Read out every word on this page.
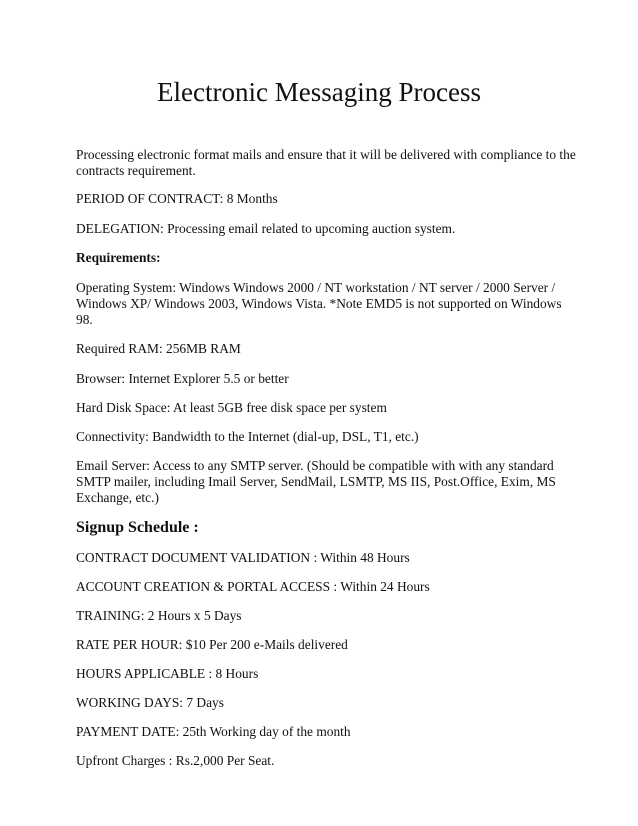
Electronic Messaging Process

Processing electronic format mails and ensure that it will be delivered with compliance to the contracts requirement.

PERIOD OF CONTRACT: 8 Months

DELEGATION: Processing email related to upcoming auction system.

Requirements:

Operating System: Windows Windows 2000 / NT workstation / NT server / 2000 Server / Windows XP/ Windows 2003, Windows Vista. *Note EMD5 is not supported on Windows 98.

Required RAM: 256MB RAM

Browser: Internet Explorer 5.5 or better

Hard Disk Space: At least 5GB free disk space per system

Connectivity: Bandwidth to the Internet (dial-up, DSL, T1, etc.)

Email Server: Access to any SMTP server. (Should be compatible with with any standard SMTP mailer, including Imail Server, SendMail, LSMTP, MS IIS, Post.Office, Exim, MS Exchange, etc.)

Signup Schedule :

CONTRACT DOCUMENT VALIDATION : Within 48 Hours

ACCOUNT CREATION & PORTAL ACCESS : Within 24 Hours

TRAINING: 2 Hours x 5 Days

RATE PER HOUR: $10 Per 200 e-Mails delivered

HOURS APPLICABLE : 8 Hours

WORKING DAYS: 7 Days

PAYMENT DATE: 25th Working day of the month

Upfront Charges : Rs.2,000 Per Seat.
